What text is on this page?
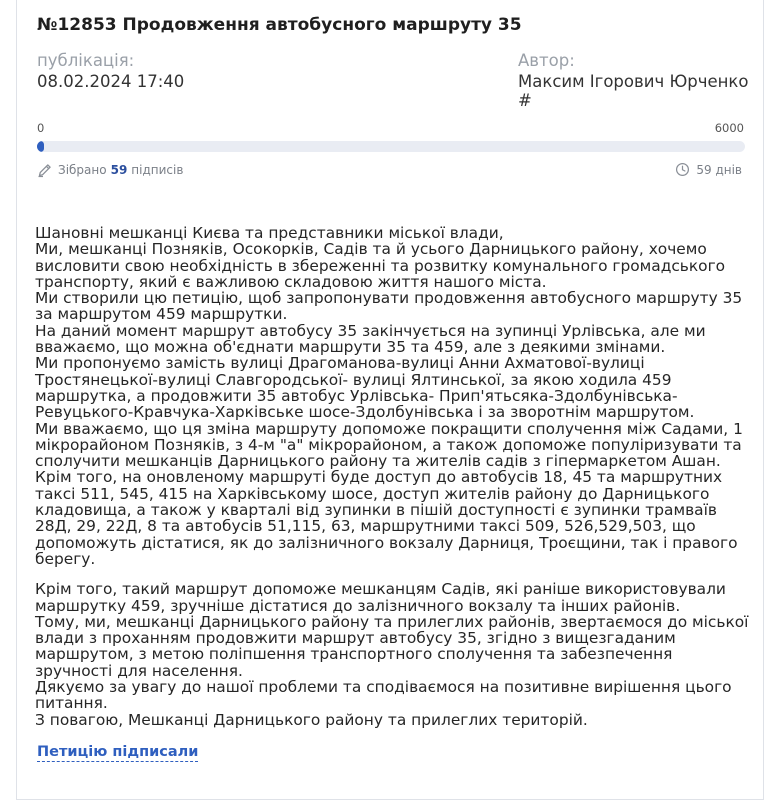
№12853 Продовження автобусного маршруту 35
публікація:
08.02.2024 17:40
Автор:
Максим Ігорович Юрченко
#
0	6000
Зібрано 59 підписів	59 днів

Шановні мешканці Києва та представники міської влади,

Ми, мешканці Позняків, Осокорків, Садів та й усього Дарницького району, хочемо висловити свою необхідність в збереженні та розвитку комунального громадського транспорту, який є важливою складовою життя нашого міста.

Ми створили цю петицію, щоб запропонувати продовження автобусного маршруту 35 за маршрутом 459 маршрутки.

На даний момент маршрут автобусу 35 закінчується на зупинці Урлівська, але ми вважаємо, що можна об'єднати маршрути 35 та 459, але з деякими змінами.

Ми пропонуємо замість вулиці Драгоманова-вулиці Анни Ахматової-вулиці Тростянецької-вулиці Славгородської- вулиці Ялтинської, за якою ходила 459 маршрутка, а продовжити 35 автобус Урлівська- Прип'ятьсяка-Здолбунівська-Ревуцького-Кравчука-Харківське шосе-Здолбунівська і за зворотнім маршрутом.

Ми вважаємо, що ця зміна маршруту допоможе покращити сполучення між Садами, 1 мікрорайоном Позняків, з 4-м "а" мікрорайоном, а також допоможе популіризувати та сполучити мешканців Дарницького району та жителів садів з гіпермаркетом Ашан. Крім того, на оновленому маршруті буде доступ до автобусів 18, 45 та маршрутних таксі 511, 545, 415 на Харківському шосе, доступ жителів району до Дарницького кладовища, а також у кварталі від зупинки в пішій доступності є зупинки трамваїв 28Д, 29, 22Д, 8 та автобусів 51,115, 63, маршрутними таксі 509, 526,529,503, що допоможуть дістатися, як до залізничного вокзалу Дарниця, Троєщини, так і правого берегу.

Крім того, такий маршрут допоможе мешканцям Садів, які раніше використовували маршрутку 459, зручніше дістатися до залізничного вокзалу та інших районів.

Тому, ми, мешканці Дарницького району та прилеглих районів, звертаємося до міської влади з проханням продовжити маршрут автобусу 35, згідно з вищезгаданим маршрутом, з метою поліпшення транспортного сполучення та забезпечення зручності для населення.

Дякуємо за увагу до нашої проблеми та сподіваємося на позитивне вирішення цього питання.

З повагою, Мешканці Дарницького району та прилеглих територій.

Петицію підписали
